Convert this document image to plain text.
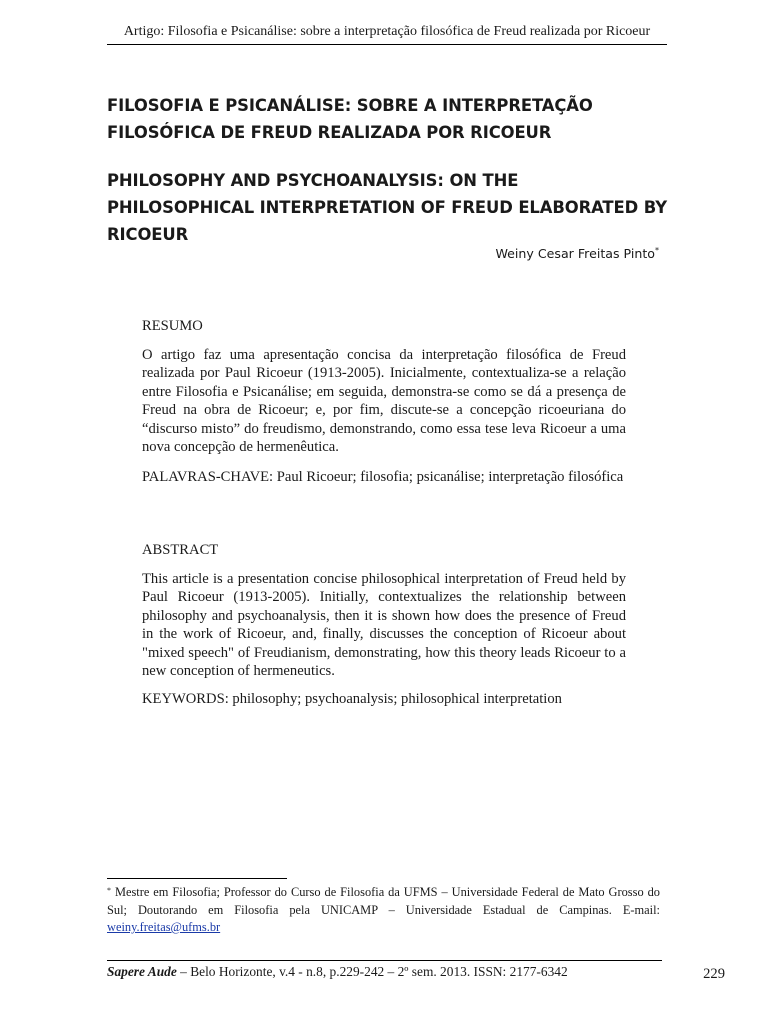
Artigo: Filosofia e Psicanálise: sobre a interpretação filosófica de Freud realizada por Ricoeur
FILOSOFIA E PSICANÁLISE: SOBRE A INTERPRETAÇÃO FILOSÓFICA DE FREUD REALIZADA POR RICOEUR
PHILOSOPHY AND PSYCHOANALYSIS: ON THE PHILOSOPHICAL INTERPRETATION OF FREUD ELABORATED BY RICOEUR
Weiny Cesar Freitas Pinto*

RESUMO

O artigo faz uma apresentação concisa da interpretação filosófica de Freud realizada por Paul Ricoeur (1913-2005). Inicialmente, contextualiza-se a relação entre Filosofia e Psicanálise; em seguida, demonstra-se como se dá a presença de Freud na obra de Ricoeur; e, por fim, discute-se a concepção ricoeuriana do “discurso misto” do freudismo, demonstrando, como essa tese leva Ricoeur a uma nova concepção de hermenêutica.

PALAVRAS-CHAVE: Paul Ricoeur; filosofia; psicanálise; interpretação filosófica

ABSTRACT

This article is a presentation concise philosophical interpretation of Freud held by Paul Ricoeur (1913-2005). Initially, contextualizes the relationship between philosophy and psychoanalysis, then it is shown how does the presence of Freud in the work of Ricoeur, and, finally, discusses the conception of Ricoeur about "mixed speech" of Freudianism, demonstrating, how this theory leads Ricoeur to a new conception of hermeneutics.

KEYWORDS: philosophy; psychoanalysis; philosophical interpretation

* Mestre em Filosofia; Professor do Curso de Filosofia da UFMS – Universidade Federal de Mato Grosso do Sul; Doutorando em Filosofia pela UNICAMP – Universidade Estadual de Campinas. E-mail: weiny.freitas@ufms.br

Sapere Aude – Belo Horizonte, v.4 - n.8, p.229-242 – 2º sem. 2013. ISSN: 2177-6342	229
